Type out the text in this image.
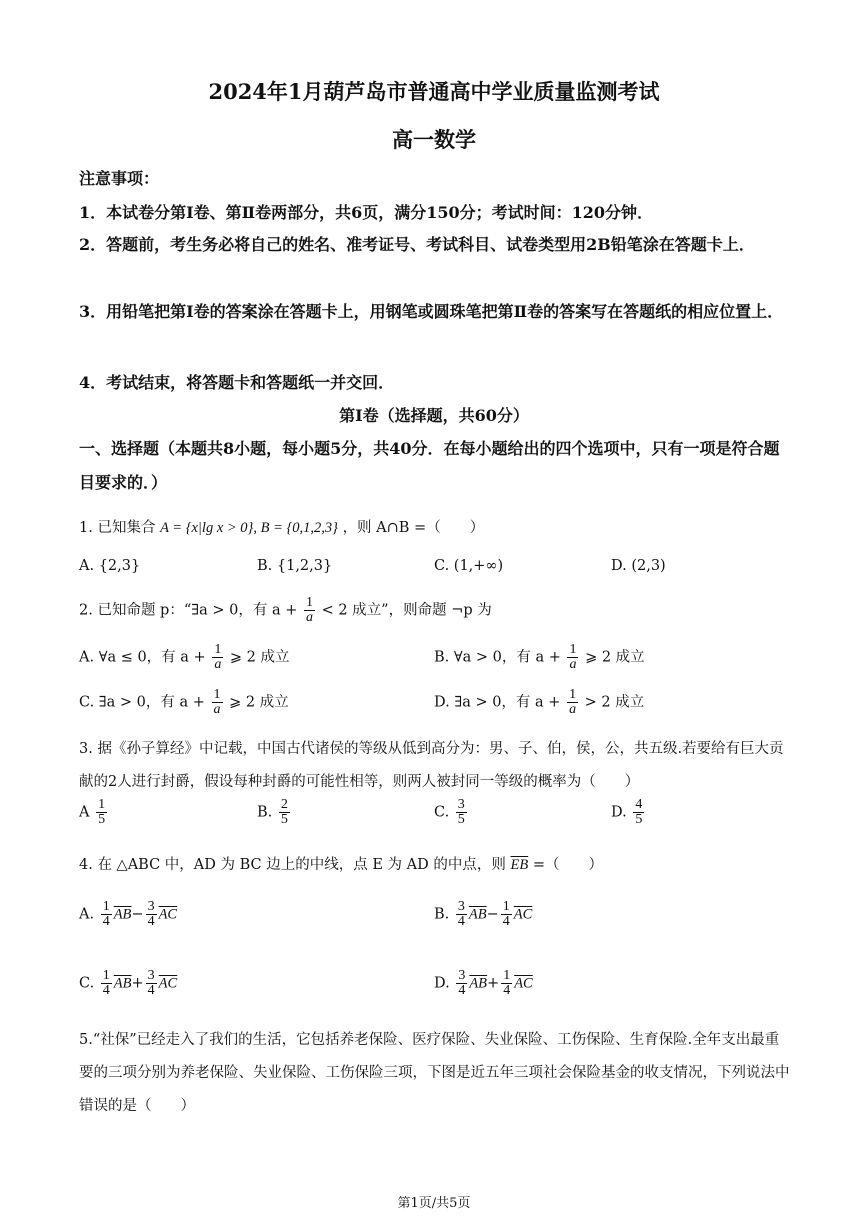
2024年1月葫芦岛市普通高中学业质量监测考试
高一数学
注意事项：
1．本试卷分第Ⅰ卷、第Ⅱ卷两部分，共6页，满分150分；考试时间：120分钟．
2．答题前，考生务必将自己的姓名、准考证号、考试科目、试卷类型用2B铅笔涂在答题卡上．
3．用铅笔把第Ⅰ卷的答案涂在答题卡上，用钢笔或圆珠笔把第Ⅱ卷的答案写在答题纸的相应位置上．
4．考试结束，将答题卡和答题纸一并交回．
第Ⅰ卷（选择题，共60分）
一、选择题（本题共8小题，每小题5分，共40分．在每小题给出的四个选项中，只有一项是符合题目要求的．）
1. 已知集合 A = {x|lg x > 0}, B = {0,1,2,3} ，则 A∩B =（　　）
A. {2,3}	B. {1,2,3}	C. (1,+∞)	D. (2,3)
2. 已知命题 p：“∃a > 0，有 $a + \frac{1}{a} < 2$ 成立”，则命题 ¬p 为
A. ∀a ≤ 0，有 $a + \frac{1}{a}$ ⩾ 2 成立	B. ∀a > 0，有 $a + \frac{1}{a}$ ⩾ 2 成立
C. ∃a > 0，有 $a + \frac{1}{a}$ ⩾ 2 成立	D. ∃a > 0，有 $a + \frac{1}{a} > 2$ 成立
3. 据《孙子算经》中记载，中国古代诸侯的等级从低到高分为：男、子、伯，侯，公，共五级.若要给有巨大贡献的2人进行封爵，假设每种封爵的可能性相等，则两人被封同一等级的概率为（　　）
A $\frac{1}{5}$	B. $\frac{2}{5}$	C. $\frac{3}{5}$	D. $\frac{4}{5}$
4. 在 △ABC 中，AD 为 BC 边上的中线，点 E 为 AD 的中点，则 $\overline{EB}$ =（　　）
A. $\frac{1}{4} \overline{AB}- \frac{3}{4} \overline{AC}$	B. $\frac{3}{4} \overline{AB}- \frac{1}{4} \overline{AC}$
C. $\frac{1}{4} \overline{AB}+ \frac{3}{4} \overline{AC}$	D. $\frac{3}{4} \overline{AB}+ \frac{1}{4} \overline{AC}$
5.“社保”已经走入了我们的生活，它包括养老保险、医疗保险、失业保险、工伤保险、生育保险.全年支出最重要的三项分别为养老保险、失业保险、工伤保险三项，下图是近五年三项社会保险基金的收支情况，下列说法中错误的是（　　）
第1页/共5页
